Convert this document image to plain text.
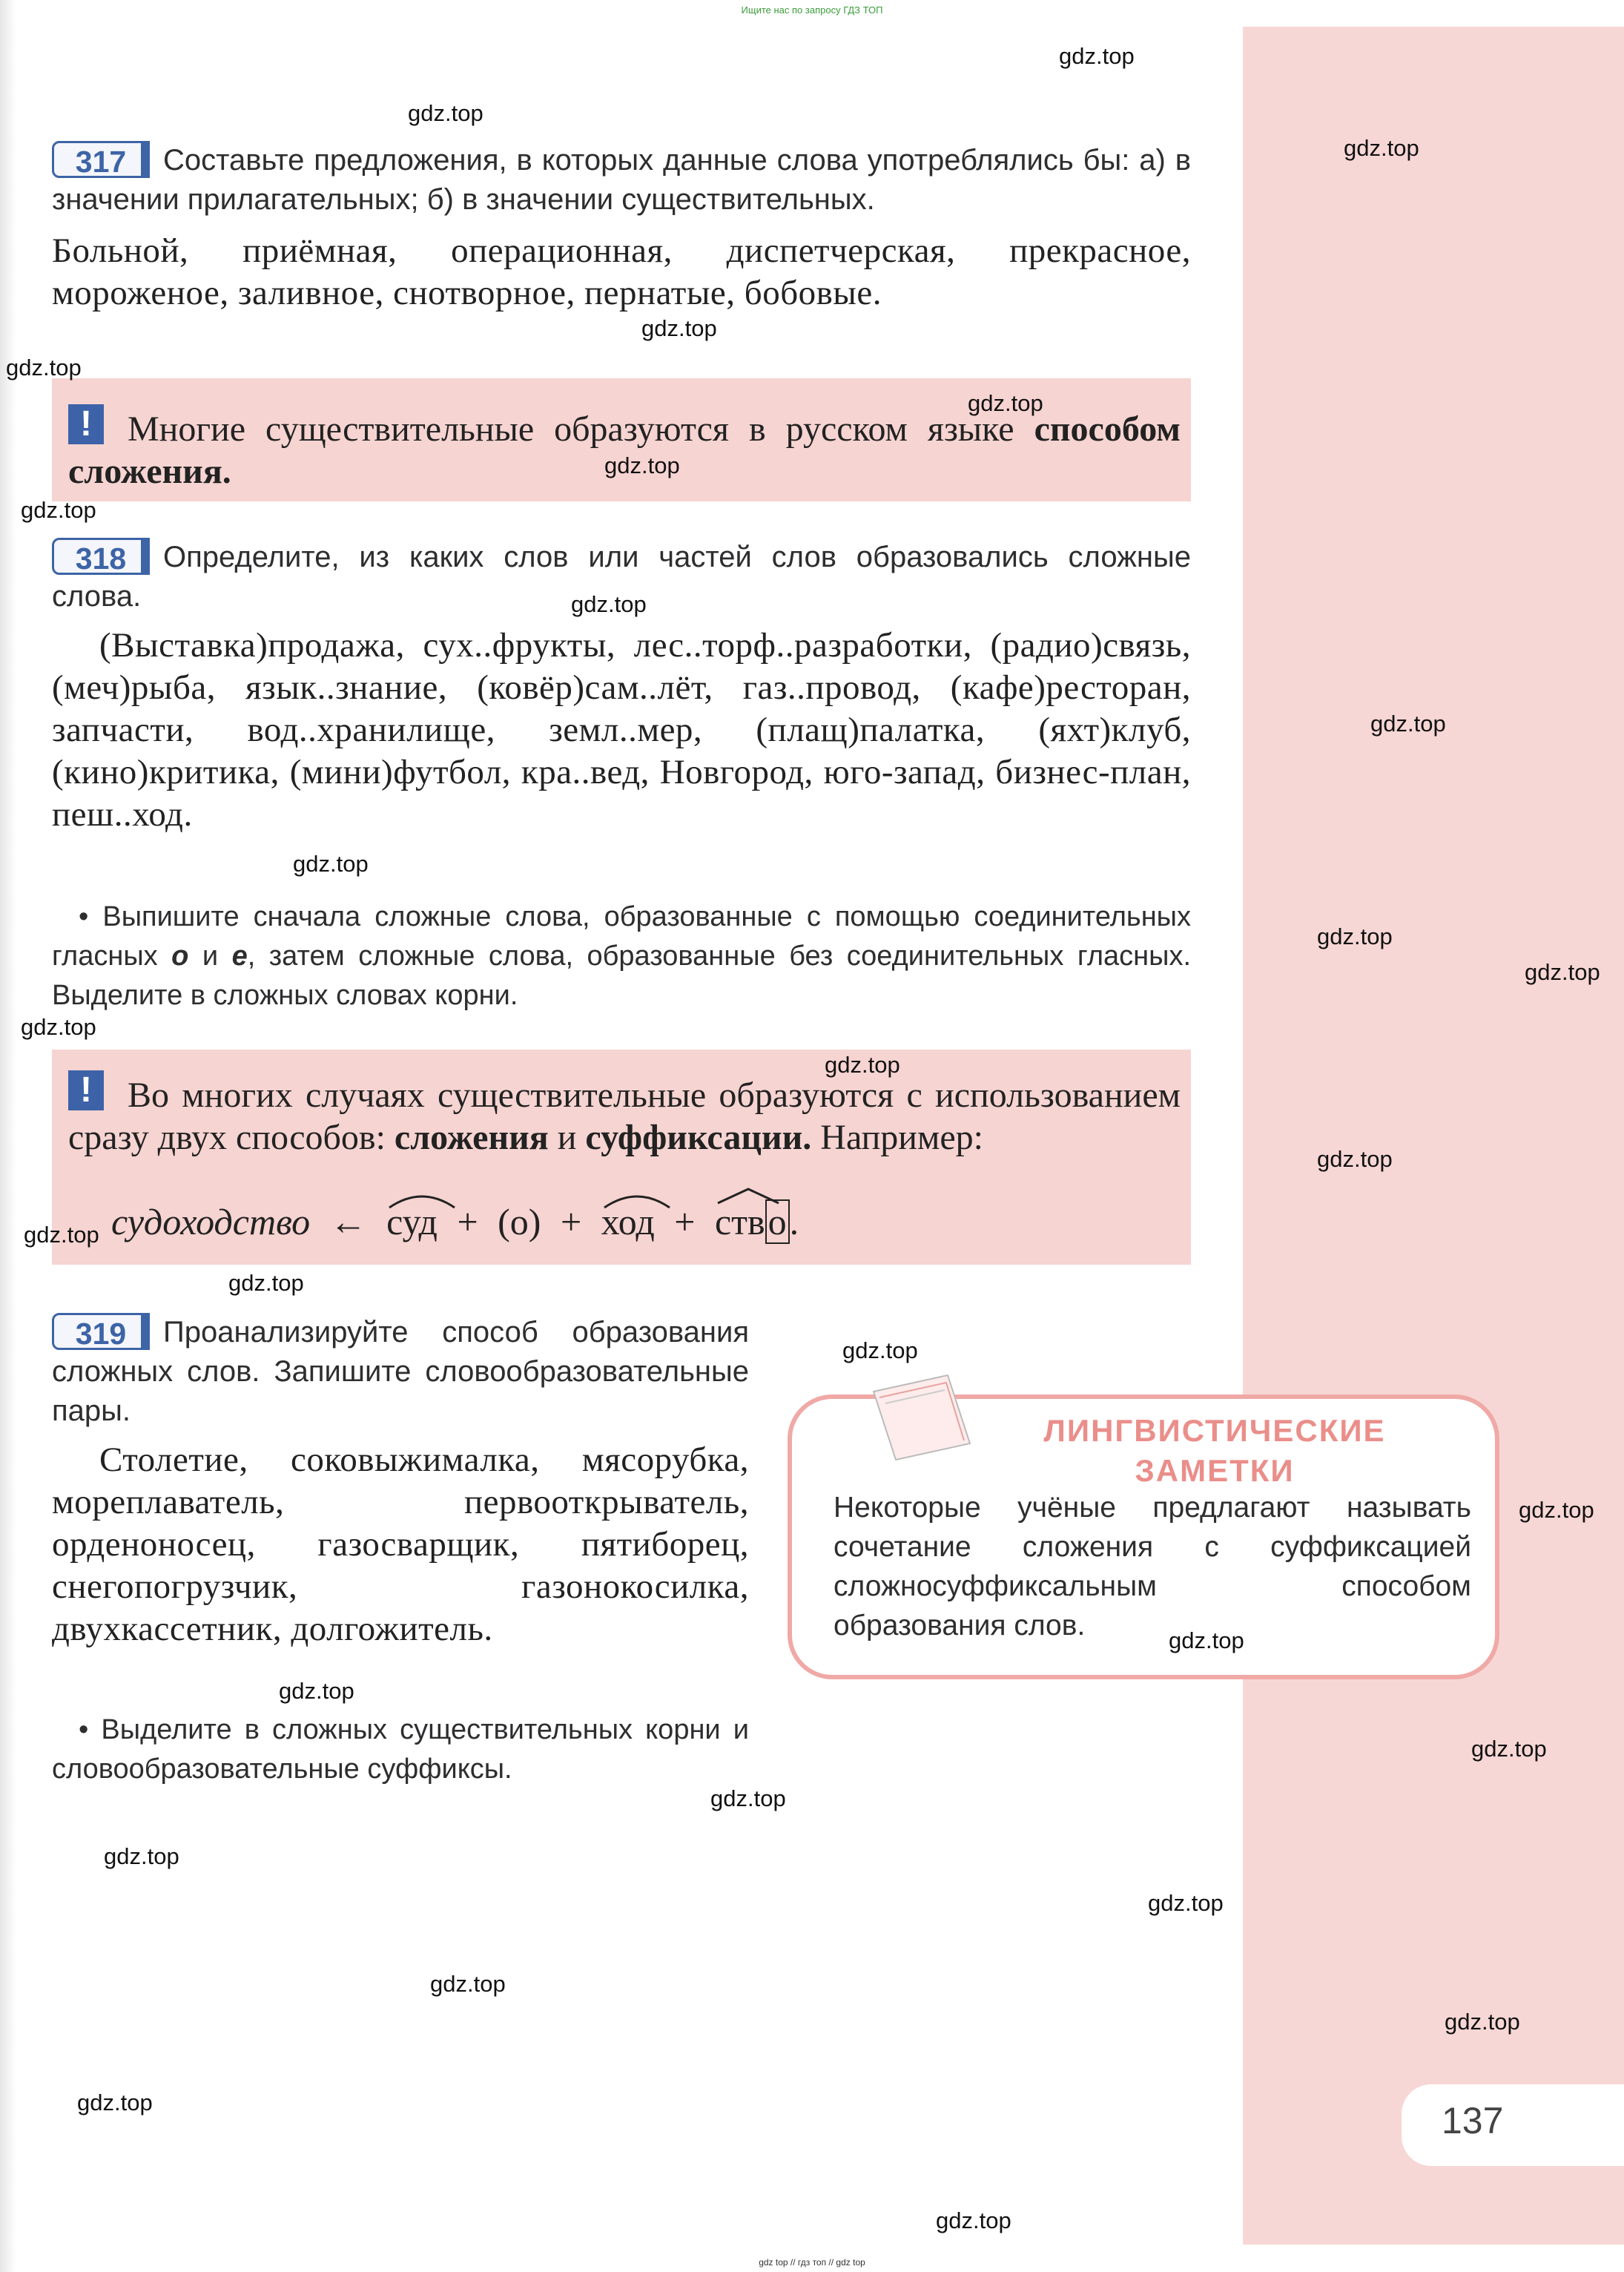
Ищите нас по запросу ГДЗ ТОП
317	Составьте предложения, в которых данные слова употреблялись бы: а) в значении прилагательных; б) в значении существительных.
Больной, приёмная, операционная, диспетчерская, прекрасное, мороженое, заливное, снотворное, пернатые, бобовые.
!	Многие существительные образуются в русском языке способом сложения.
318	Определите, из каких слов или частей слов образовались сложные слова.
(Выставка)продажа, сух..фрукты, лес..торф..разработки, (радио)связь, (меч)рыба, язык..знание, (ковёр)сам..лёт, газ..провод, (кафе)ресторан, запчасти, вод..хранилище, земл..мер, (плащ)палатка, (яхт)клуб, (кино)критика, (мини)футбол, кра..вед, Новгород, юго-запад, бизнес-план, пеш..ход.
• Выпишите сначала сложные слова, образованные с помощью соединительных гласных о и е, затем сложные слова, образованные без соединительных гласных. Выделите в сложных словах корни.
!	Во многих случаях существительные образуются с использованием сразу двух способов: сложения и суффиксации. Например:
судоходство ← суд + (о) + ход + ство.
319	Проанализируйте способ образования сложных слов. Запишите словообразовательные пары.
Столетие, соковыжималка, мясорубка, мореплаватель, первооткрыватель, орденоносец, газосварщик, пятиборец, снегопогрузчик, газонокосилка, двухкассетник, долгожитель.
• Выделите в сложных существительных корни и словообразовательные суффиксы.
ЛИНГВИСТИЧЕСКИЕ
ЗАМЕТКИ
Некоторые учёные предлагают называть сочетание сложения с суффиксацией сложносуффиксальным способом образования слов.
137
gdz.top
gdz.top
gdz.top
gdz.top
gdz.top
gdz.top
gdz.top
gdz.top
gdz.top
gdz.top
gdz.top
gdz.top
gdz.top
gdz.top
gdz.top
gdz.top
gdz.top
gdz.top
gdz.top
gdz.top
gdz.top
gdz.top
gdz.top
gdz.top
gdz.top
gdz.top
gdz.top
gdz.top
gdz.top
gdz.top
gdz top // гдз топ // gdz top
